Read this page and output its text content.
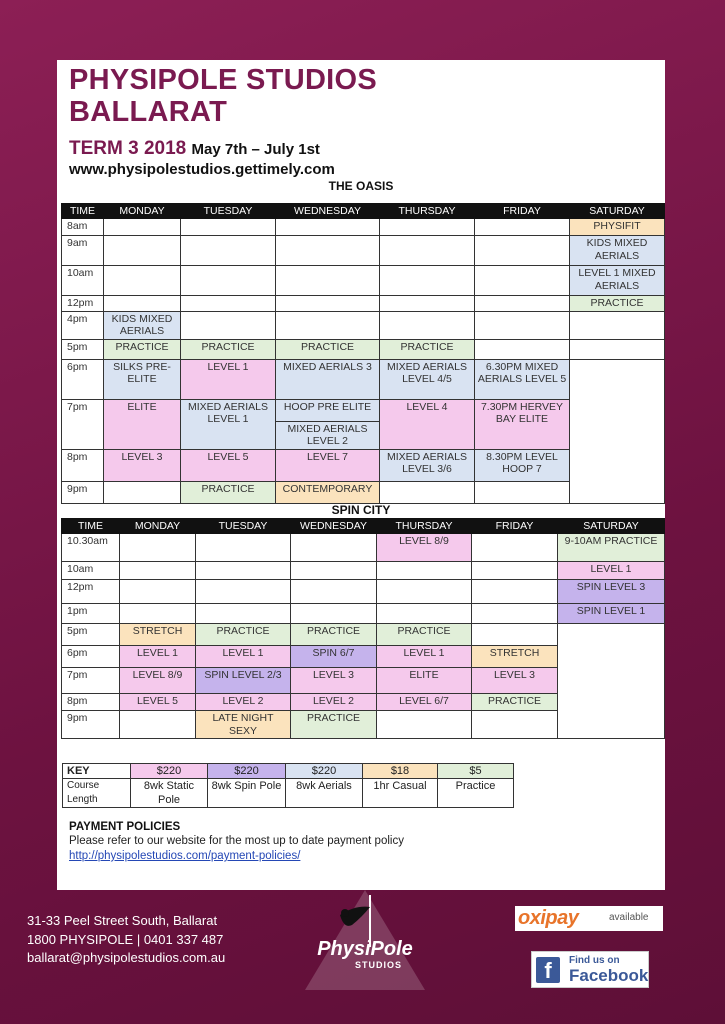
PHYSIPOLE STUDIOS
BALLARAT
TERM 3 2018 May 7th – July 1st
www.physipolestudios.gettimely.com
THE OASIS
TIME	MONDAY	TUESDAY	WEDNESDAY	THURSDAY	FRIDAY	SATURDAY
8am						PHYSIFIT
9am						KIDS MIXED AERIALS
10am						LEVEL 1 MIXED AERIALS
12pm						PRACTICE
4pm	KIDS MIXED AERIALS					
5pm	PRACTICE	PRACTICE	PRACTICE	PRACTICE		
6pm	SILKS PRE-ELITE	LEVEL 1	MIXED AERIALS 3	MIXED AERIALS LEVEL 4/5	6.30PM MIXED AERIALS LEVEL 5	
7pm	ELITE	MIXED AERIALS LEVEL 1	HOOP PRE ELITE	LEVEL 4	7.30PM HERVEY BAY ELITE	
			MIXED AERIALS LEVEL 2			
8pm	LEVEL 3	LEVEL 5	LEVEL 7	MIXED AERIALS LEVEL 3/6	8.30PM LEVEL HOOP 7	
9pm		PRACTICE	CONTEMPORARY			
SPIN CITY
TIME	MONDAY	TUESDAY	WEDNESDAY	THURSDAY	FRIDAY	SATURDAY
10.30am				LEVEL 8/9		9-10AM PRACTICE
10am						LEVEL 1
12pm						SPIN LEVEL 3
1pm						SPIN LEVEL 1
5pm	STRETCH	PRACTICE	PRACTICE	PRACTICE		
6pm	LEVEL 1	LEVEL 1	SPIN 6/7	LEVEL 1	STRETCH	
7pm	LEVEL 8/9	SPIN LEVEL 2/3	LEVEL 3	ELITE	LEVEL 3	
8pm	LEVEL 5	LEVEL 2	LEVEL 2	LEVEL 6/7	PRACTICE	
9pm		LATE NIGHT SEXY	PRACTICE			
KEY	$220	$220	$220	$18	$5
Course Length	8wk Static Pole	8wk Spin Pole	8wk Aerials	1hr Casual	Practice
PAYMENT POLICIES
Please refer to our website for the most up to date payment policy
http://physipolestudios.com/payment-policies/
31-33 Peel Street South, Ballarat
1800 PHYSIPOLE | 0401 337 487
ballarat@physipolestudios.com.au	PhysiPole
STUDIOS
oxipay	available
f	Find us on
Facebook
